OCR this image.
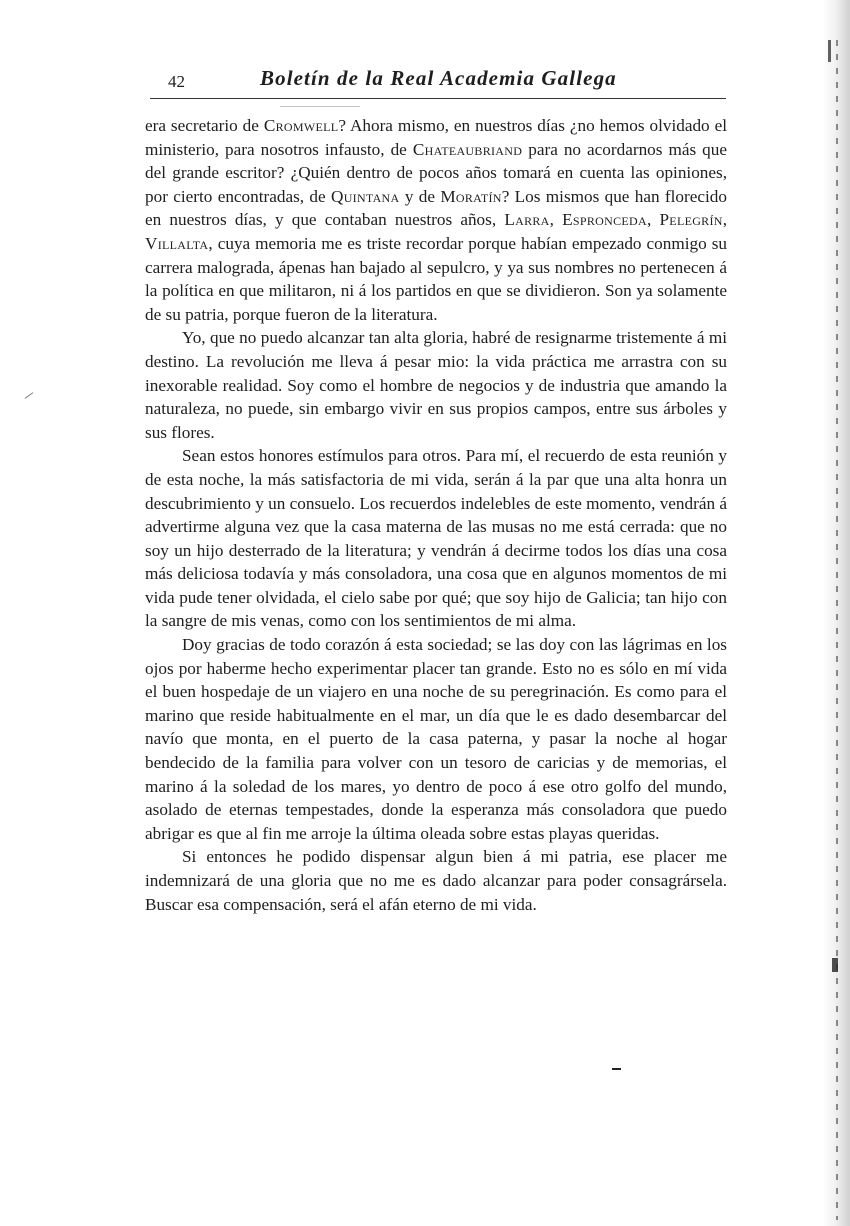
42	Boletín de la Real Academia Gallega

era secretario de Cromwell? Ahora mismo, en nuestros días ¿no hemos olvidado el ministerio, para nosotros infausto, de Chateaubriand para no acordarnos más que del grande escritor? ¿Quién dentro de pocos años tomará en cuenta las opiniones, por cierto encontradas, de Quintana y de Moratín? Los mismos que han florecido en nuestros días, y que contaban nuestros años, Larra, Espronceda, Pelegrín, Villalta, cuya memoria me es triste recordar porque habían empezado conmigo su carrera malograda, ápenas han bajado al sepulcro, y ya sus nombres no pertenecen á la política en que militaron, ni á los partidos en que se dividieron. Son ya solamente de su patria, porque fueron de la literatura.

Yo, que no puedo alcanzar tan alta gloria, habré de resignarme tristemente á mi destino. La revolución me lleva á pesar mio: la vida práctica me arrastra con su inexorable realidad. Soy como el hombre de negocios y de industria que amando la naturaleza, no puede, sin embargo vivir en sus propios campos, entre sus árboles y sus flores.

Sean estos honores estímulos para otros. Para mí, el recuerdo de esta reunión y de esta noche, la más satisfactoria de mi vida, serán á la par que una alta honra un descubrimiento y un consuelo. Los recuerdos indelebles de este momento, vendrán á advertirme alguna vez que la casa materna de las musas no me está cerrada: que no soy un hijo desterrado de la literatura; y vendrán á decirme todos los días una cosa más deliciosa todavía y más consoladora, una cosa que en algunos momentos de mi vida pude tener olvidada, el cielo sabe por qué; que soy hijo de Galicia; tan hijo con la sangre de mis venas, como con los sentimientos de mi alma.

Doy gracias de todo corazón á esta sociedad; se las doy con las lágrimas en los ojos por haberme hecho experimentar placer tan grande. Esto no es sólo en mí vida el buen hospedaje de un viajero en una noche de su peregrinación. Es como para el marino que reside habitualmente en el mar, un día que le es dado desembarcar del navío que monta, en el puerto de la casa paterna, y pasar la noche al hogar bendecido de la familia para volver con un tesoro de caricias y de memorias, el marino á la soledad de los mares, yo dentro de poco á ese otro golfo del mundo, asolado de eternas tempestades, donde la esperanza más consoladora que puedo abrigar es que al fin me arroje la última oleada sobre estas playas queridas.

Si entonces he podido dispensar algun bien á mi patria, ese placer me indemnizará de una gloria que no me es dado alcanzar para poder consagrársela. Buscar esa compensación, será el afán eterno de mi vida.
